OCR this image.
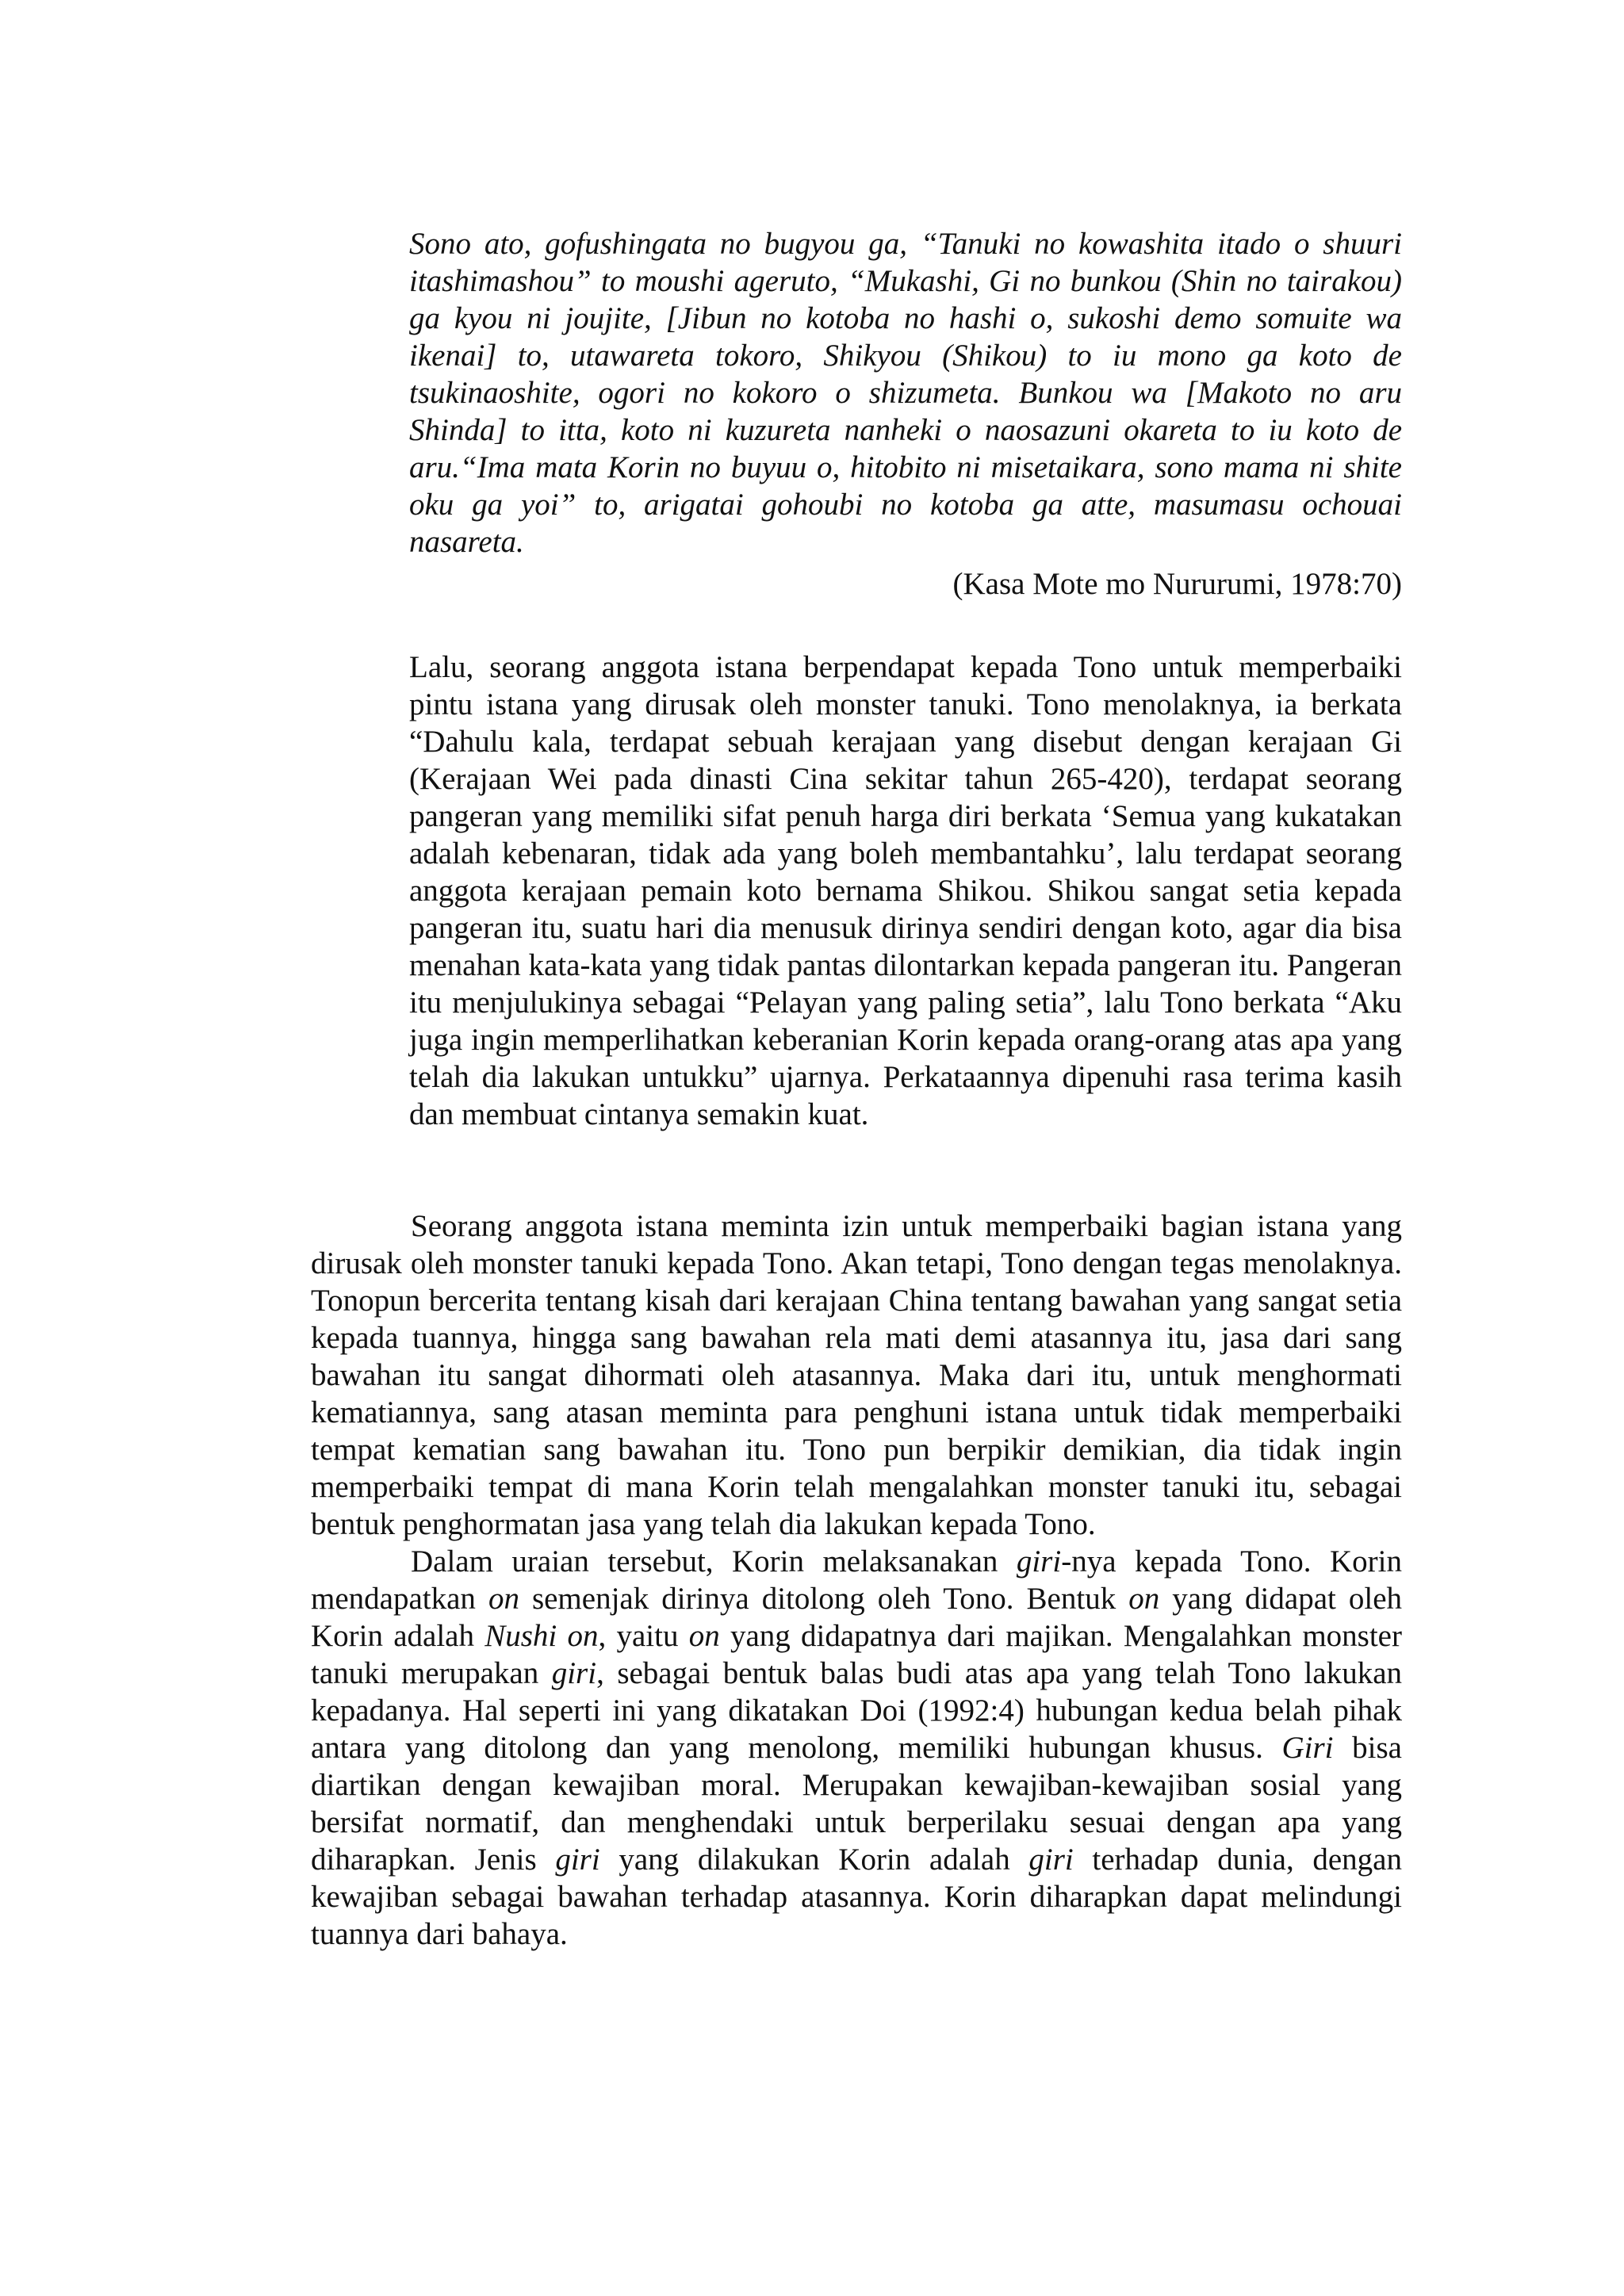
Sono ato, gofushingata no bugyou ga, “Tanuki no kowashita itado o shuuri itashimashou” to moushi ageruto, “Mukashi, Gi no bunkou (Shin no tairakou) ga kyou ni joujite, [Jibun no kotoba no hashi o, sukoshi demo somuite wa ikenai] to, utawareta tokoro, Shikyou (Shikou) to iu mono ga koto de tsukinaoshite, ogori no kokoro o shizumeta. Bunkou wa [Makoto no aru Shinda] to itta, koto ni kuzureta nanheki o naosazuni okareta to iu koto de aru.“Ima mata Korin no buyuu o, hitobito ni misetaikara, sono mama ni shite oku ga yoi” to, arigatai gohoubi no kotoba ga atte, masumasu ochouai nasareta.

(Kasa Mote mo Nururumi, 1978:70)

Lalu, seorang anggota istana berpendapat kepada Tono untuk memperbaiki pintu istana yang dirusak oleh monster tanuki. Tono menolaknya, ia berkata “Dahulu kala, terdapat sebuah kerajaan yang disebut dengan kerajaan Gi (Kerajaan Wei pada dinasti Cina sekitar tahun 265-420), terdapat seorang pangeran yang memiliki sifat penuh harga diri berkata ‘Semua yang kukatakan adalah kebenaran, tidak ada yang boleh membantahku’, lalu terdapat seorang anggota kerajaan pemain koto bernama Shikou. Shikou sangat setia kepada pangeran itu, suatu hari dia menusuk dirinya sendiri dengan koto, agar dia bisa menahan kata-kata yang tidak pantas dilontarkan kepada pangeran itu. Pangeran itu menjulukinya sebagai “Pelayan yang paling setia”, lalu Tono berkata “Aku juga ingin memperlihatkan keberanian Korin kepada orang-orang atas apa yang telah dia lakukan untukku” ujarnya. Perkataannya dipenuhi rasa terima kasih dan membuat cintanya semakin kuat.

Seorang anggota istana meminta izin untuk memperbaiki bagian istana yang dirusak oleh monster tanuki kepada Tono. Akan tetapi, Tono dengan tegas menolaknya. Tonopun bercerita tentang kisah dari kerajaan China tentang bawahan yang sangat setia kepada tuannya, hingga sang bawahan rela mati demi atasannya itu, jasa dari sang bawahan itu sangat dihormati oleh atasannya. Maka dari itu, untuk menghormati kematiannya, sang atasan meminta para penghuni istana untuk tidak memperbaiki tempat kematian sang bawahan itu. Tono pun berpikir demikian, dia tidak ingin memperbaiki tempat di mana Korin telah mengalahkan monster tanuki itu, sebagai bentuk penghormatan jasa yang telah dia lakukan kepada Tono.

Dalam uraian tersebut, Korin melaksanakan giri-nya kepada Tono. Korin mendapatkan on semenjak dirinya ditolong oleh Tono. Bentuk on yang didapat oleh Korin adalah Nushi on, yaitu on yang didapatnya dari majikan. Mengalahkan monster tanuki merupakan giri, sebagai bentuk balas budi atas apa yang telah Tono lakukan kepadanya. Hal seperti ini yang dikatakan Doi (1992:4) hubungan kedua belah pihak antara yang ditolong dan yang menolong, memiliki hubungan khusus. Giri bisa diartikan dengan kewajiban moral. Merupakan kewajiban-kewajiban sosial yang bersifat normatif, dan menghendaki untuk berperilaku sesuai dengan apa yang diharapkan. Jenis giri yang dilakukan Korin adalah giri terhadap dunia, dengan kewajiban sebagai bawahan terhadap atasannya. Korin diharapkan dapat melindungi tuannya dari bahaya.
